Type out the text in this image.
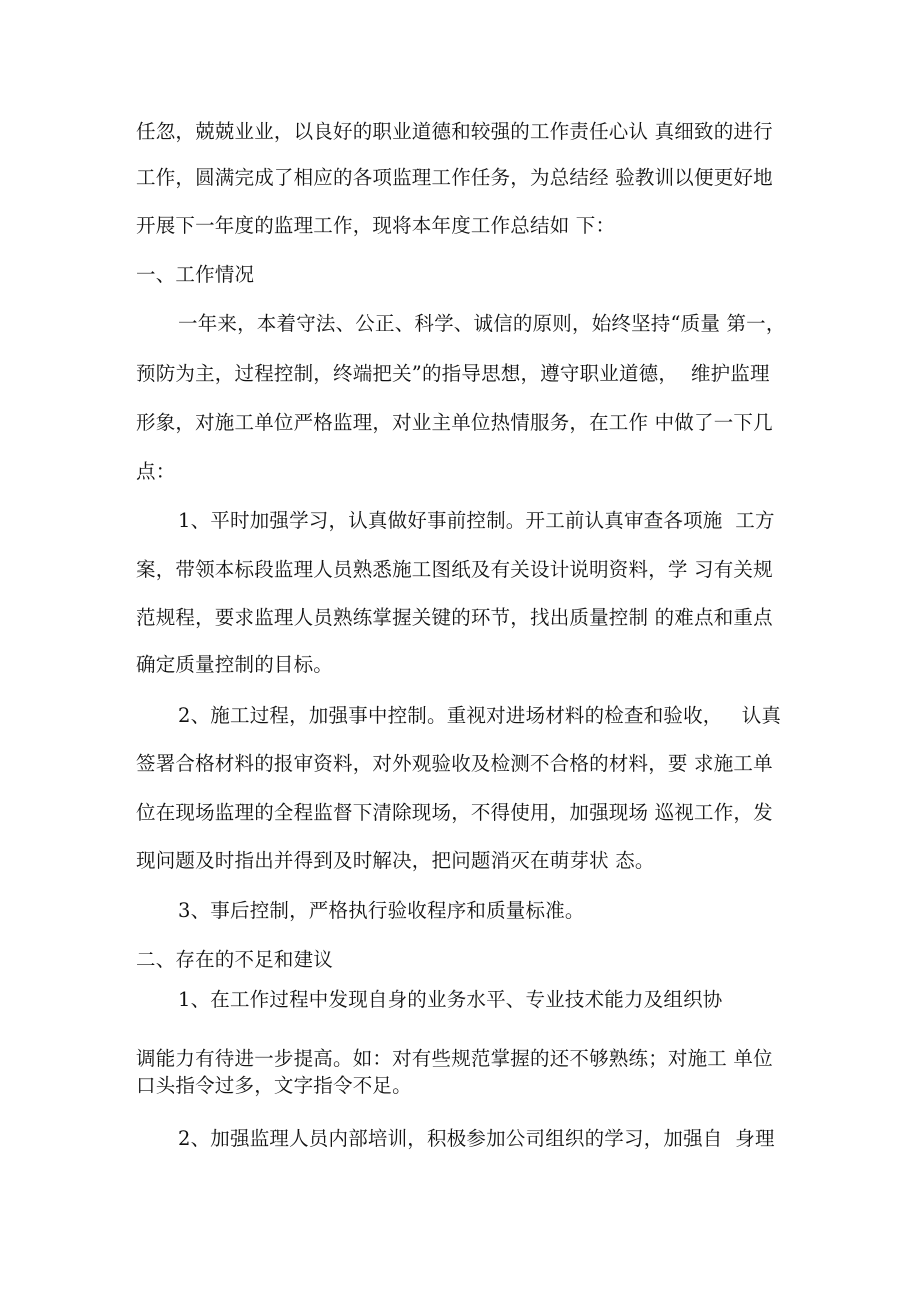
任忽，兢兢业业，以良好的职业道德和较强的工作责任心认 真细致的进行
工作，圆满完成了相应的各项监理工作任务，为总结经 验教训以便更好地
开展下一年度的监理工作，现将本年度工作总结如 下：
一、工作情况
一年来，本着守法、公正、科学、诚信的原则，始终坚持“质量 第一，
预防为主，过程控制，终端把关”的指导思想，遵守职业道德，  维护监理
形象，对施工单位严格监理，对业主单位热情服务，在工作 中做了一下几
点：
1、平时加强学习，认真做好事前控制。开工前认真审查各项施  工方
案，带领本标段监理人员熟悉施工图纸及有关设计说明资料，学 习有关规
范规程，要求监理人员熟练掌握关键的环节，找出质量控制 的难点和重点
确定质量控制的目标。
2、施工过程，加强事中控制。重视对进场材料的检查和验收，   认真
签署合格材料的报审资料，对外观验收及检测不合格的材料，要 求施工单
位在现场监理的全程监督下清除现场，不得使用，加强现场 巡视工作，发
现问题及时指出并得到及时解决，把问题消灭在萌芽状 态。
3、事后控制，严格执行验收程序和质量标准。
二、存在的不足和建议
1、在工作过程中发现自身的业务水平、专业技术能力及组织协
调能力有待进一步提高。如：对有些规范掌握的还不够熟练；对施工 单位
口头指令过多，文字指令不足。
2、加强监理人员内部培训，积极参加公司组织的学习，加强自  身理
